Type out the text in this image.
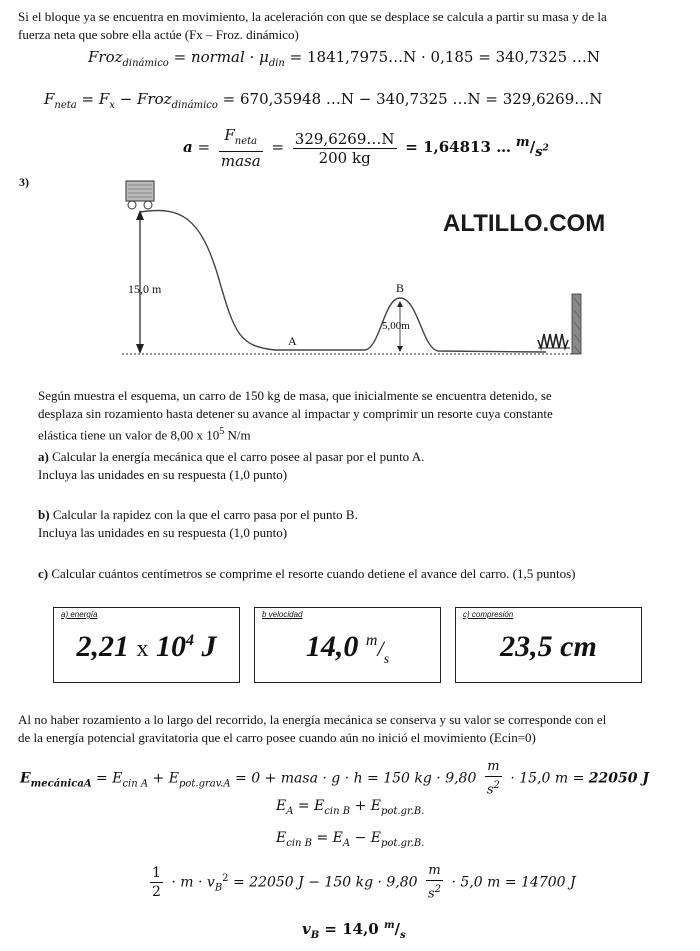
Si el bloque ya se encuentra en movimiento, la aceleración con que se desplace se calcula a partir su masa y de la
fuerza neta que sobre ella actúe (Fx – Froz. dinámico)
Froz$_{dinámico}$ = normal · $\mu_{din}$ = 1841,7975…N · 0,185 = 340,7325 …N
$F_{neta} = F_x$ − Froz$_{dinámico}$ = 670,35948 …N − 340,7325 …N = 329,6269…N
$a = \frac{F_{neta}}{\text{masa}} = \frac{329,6269\dots N}{200 kg} = 1,64813$ … $^m/_{s^2}$
3)
15,0 m
A
B
5,00m
ALTILLO.COM
Según muestra el esquema, un carro de 150 kg de masa, que inicialmente se encuentra detenido, se
desplaza sin rozamiento hasta detener su avance al impactar y comprimir un resorte cuya constante
elástica tiene un valor de 8,00 x $10^5$ N/m
a) Calcular la energía mecánica que el carro posee al pasar por el punto A.
Incluya las unidades en su respuesta (1,0 punto)
b) Calcular la rapidez con la que el carro pasa por el punto B.
Incluya las unidades en su respuesta (1,0 punto)
c) Calcular cuántos centímetros se comprime el resorte cuando detiene el avance del carro. (1,5 puntos)
a) energía
2,21 x $10^4$ J
b velocidad
14,0 $^m/_s$
c) compresión
23,5 cm
Al no haber rozamiento a lo largo del recorrido, la energía mecánica se conserva y su valor se corresponde con el
de la energía potencial gravitatoria que el carro posee cuando aún no inició el movimiento (Ecin=0)
$E_{mecánicaA} = E_{cin A} + E_{pot.grav.A} = 0$ + masa · g · h = 150 kg · $9,80 \frac{m}{s^2} \cdot 15,0$ m = 22050 J
$E_A = E_{cin B} + E_{pot.gr.B.}$
$E_{cin B} = E_A - E_{pot.gr.B.}$
$\frac{1}{2} \cdot m \cdot v_B^2 = 22050$ J − 150 kg · $9,80 \frac{m}{s^2} \cdot 5,0$ m = 14700 J
$v_B = 14,0$ $^m/_s$
